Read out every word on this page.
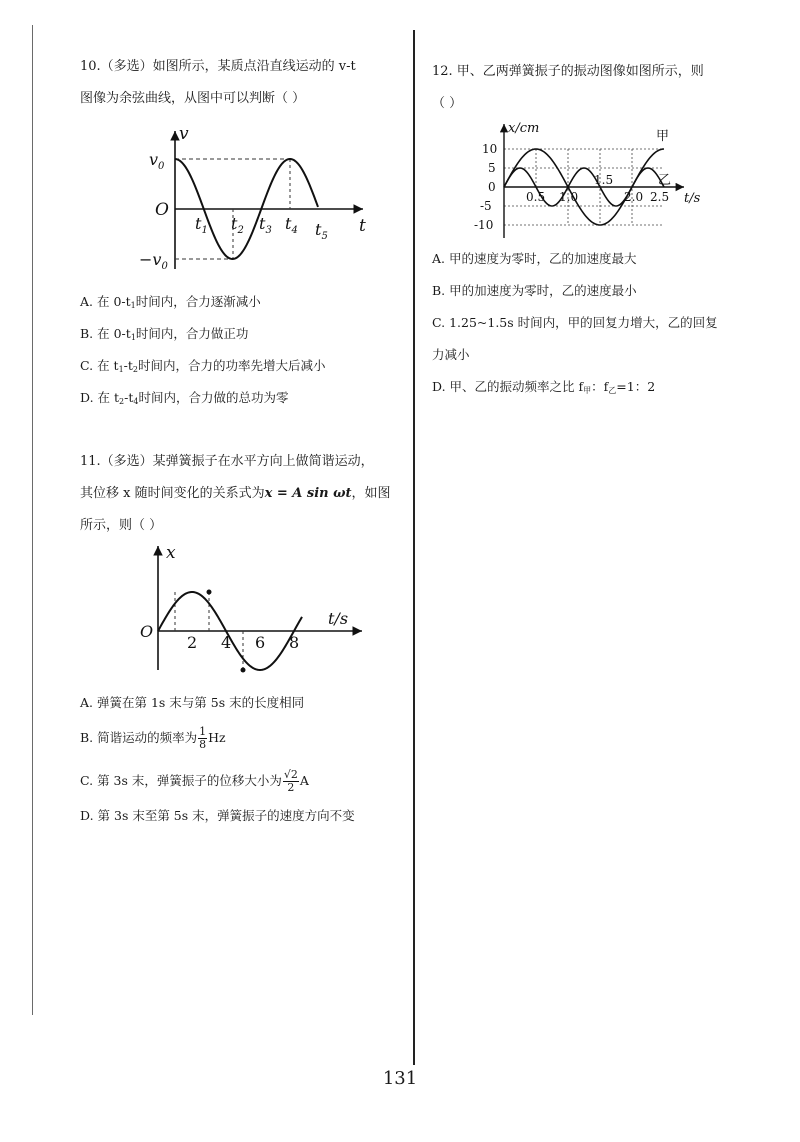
10.（多选）如图所示，某质点沿直线运动的 v-t
图像为余弦曲线，从图中可以判断（ ）
v
t
O
$v_0$
$-v_0$
$t_1$ $t_2$ $t_3$ $t_4$ $t_5$
A. 在 $0-t_1$时间内，合力逐渐减小
B. 在 $0-t_1$时间内，合力做正功
C. 在 $t_1-t_2$时间内，合力的功率先增大后减小
D. 在 $t_2-t_4$时间内，合力做的总功为零
11.（多选）某弹簧振子在水平方向上做简谐运动，
其位移 x 随时间变化的关系式为x = A sin ωt，如图
所示，则（ ）
x
t/s
O
2 4 6 8
A. 弹簧在第 1s 末与第 5s 末的长度相同
B. 简谐运动的频率为 $\frac{1}{8}$ Hz
C. 第 3s 末，弹簧振子的位移大小为 $\frac{√2}{2}$ A
D. 第 3s 末至第 5s 末，弹簧振子的速度方向不变
12. 甲、乙两弹簧振子的振动图像如图所示，则
（ ）
x/cm
t/s
10
5
0
-5
-10
0.5 1.0
1.5
2.0 2.5
甲
乙
A. 甲的速度为零时，乙的加速度最大
B. 甲的加速度为零时，乙的速度最小
C. 1.25~1.5s 时间内，甲的回复力增大，乙的回复
力减小
D. 甲、乙的振动频率之比 $f_甲$：$f_乙=1$：2
131
